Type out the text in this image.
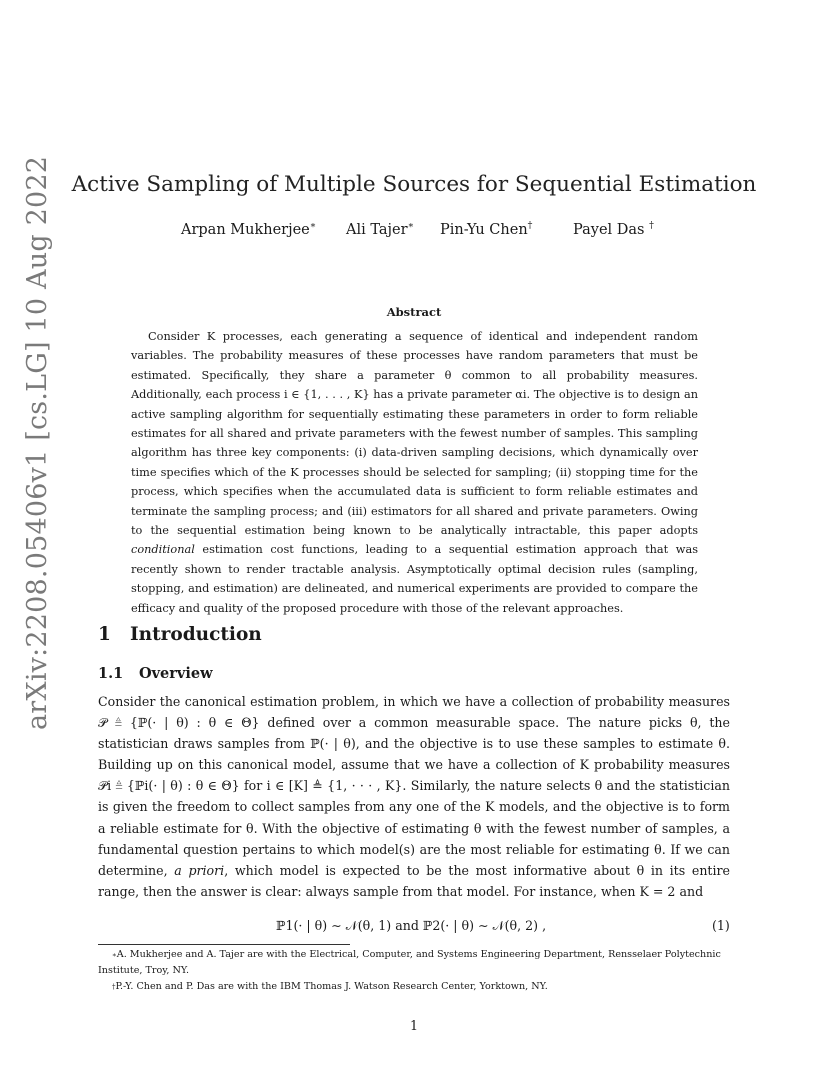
arXiv:2208.05406v1 [cs.LG] 10 Aug 2022 Active Sampling of Multiple Sources for Sequential Estimation
Arpan Mukherjee∗ Ali Tajer∗ Pin-Yu Chen†	Payel Das †
Abstract
Consider K processes, each generating a sequence of identical and independent random variables. The probability measures of these processes have random parameters that must be estimated. Specifically, they share a parameter θ common to all probability measures. Additionally, each process i ∈ {1, . . . , K} has a private parameter αi. The objective is to design an active sampling algorithm for sequentially estimating these parameters in order to form reliable estimates for all shared and private parameters with the fewest number of samples. This sampling algorithm has three key components: (i) data-driven sampling decisions, which dynamically over time specifies which of the K processes should be selected for sampling; (ii) stopping time for the process, which specifies when the accumulated data is sufficient to form reliable estimates and terminate the sampling process; and (iii) estimators for all shared and private parameters. Owing to the sequential estimation being known to be analytically intractable, this paper adopts conditional estimation cost functions, leading to a sequential estimation approach that was recently shown to render tractable analysis. Asymptotically optimal decision rules (sampling, stopping, and estimation) are delineated, and numerical experiments are provided to compare the efficacy and quality of the proposed procedure with those of the relevant approaches.
1 Introduction
1.1 Overview
Consider the canonical estimation problem, in which we have a collection of probability measures 𝒫 ≜ {ℙ(· | θ) : θ ∈ Θ} defined over a common measurable space. The nature picks θ, the statistician draws samples from ℙ(· | θ), and the objective is to use these samples to estimate θ. Building up on this canonical model, assume that we have a collection of K probability measures 𝒫i ≜ {ℙi(· | θ) : θ ∈ Θ} for i ∈ [K] ≜ {1, · · · , K}. Similarly, the nature selects θ and the statistician is given the freedom to collect samples from any one of the K models, and the objective is to form a reliable estimate for θ. With the objective of estimating θ with the fewest number of samples, a fundamental question pertains to which model(s) are the most reliable for estimating θ. If we can determine, a priori, which model is expected to be the most informative about θ in its entire range, then the answer is clear: always sample from that model. For instance, when K = 2 and
ℙ1(· | θ) ∼ 𝒩(θ, 1) and ℙ2(· | θ) ∼ 𝒩(θ, 2) ,	(1)

∗A. Mukherjee and A. Tajer are with the Electrical, Computer, and Systems Engineering Department, Rensselaer Polytechnic Institute, Troy, NY.

†P.-Y. Chen and P. Das are with the IBM Thomas J. Watson Research Center, Yorktown, NY.

1
